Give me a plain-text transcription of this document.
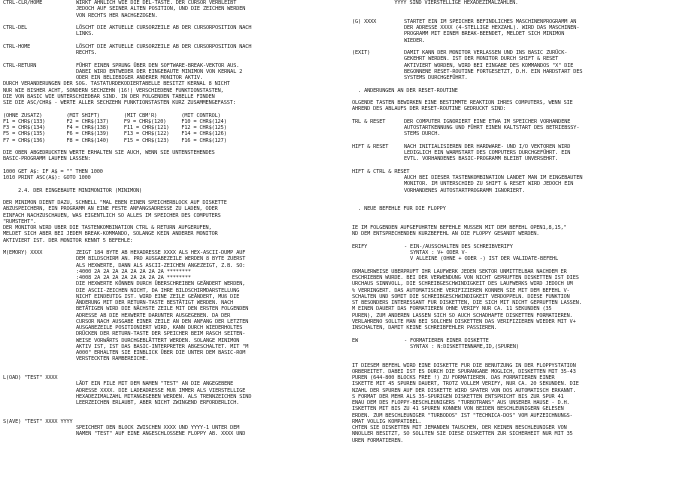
CTRL-CLR/HOME	WIRKT ÄHNLICH WIE DIE DEL-TASTE. DER CURSOR VERBLEIBT
JEDOCH AUF SEINER ALTEN POSITION, UND DIE ZEICHEN WERDEN
VON RECHTS HER NACHGEZOGEN.
CTRL-DEL	LÖSCHT DIE AKTUELLE CURSORZEILE AB DER CURSORPOSITION NACH
LINKS.
CTRL-HOME	LÖSCHT DIE AKTUELLE CURSORZEILE AB DER CURSORPOSITION NACH
RECHTS.
CTRL-RETURN	FÜHRT EINEN SPRUNG ÜBER DEN SOFTWARE-BREAK-VEKTOR AUS.
DABEI WIRD ENTWEDER DER EINGEBAUTE MINIMON VON KERNAL 2
ODER EIN BELIEBIGER ANDERER MONITOR AKTIV.
DURCH VERÄNDERUNGEN DER SOG. TASTATURDEKODIERTABELLE BESITZT KERNAL 8 NICHT
NUR WIE BISHER ACHT, SONDERN SECHZEHN (16!) VERSCHIEDENE FUNKTIONSTASTEN,
DIE VON BASIC WIE UNTERSCHIEDBAR SIND. IN DER FOLGENDEN TABELLE FINDEN
SIE DIE ASC/CHR$ - WERTE ALLER SECHZEHN FUNKTIONSTASTEN KURZ ZUSAMMENGEFASST:
(OHNE ZUSATZ)        (MIT SHIFT)        (MIT CBM'R)        (MIT CONTROL)
F1 = CHR$(133)       F2 = CHR$(137)     F9 = CHR$(120)     F10 = CHR$(124)
F3 = CHR$(134)       F4 = CHR$(138)     F11 = CHR$(121)    F12 = CHR$(125)
F5 = CHR$(135)       F6 = CHR$(139)     F13 = CHR$(122)    F14 = CHR$(126)
F7 = CHR$(136)       F8 = CHR$(140)     F15 = CHR$(123)    F16 = CHR$(127)
DIE OBEN ABGEDRUCKTEN WERTE ERHALTEN SIE AUCH, WENN SIE UNTENSTEHENDES
BASIC-PROGRAMM LAUFEN LASSEN:
1000 GET A$: IF A$ = "" THEN 1000
1010 PRINT ASC(A$): GOTO 1000
2.4. DER EINGEBAUTE MINIMONITOR (MINIMON)
DER MINIMON DIENT DAZU, SCHNELL "MAL EBEN EINEN SPEICHERBLOCK AUF DISKETTE
ABZUSPEICHERN, EIN PROGRAMM AN EINE FESTE ANFANGSADRESSE ZU LADEN, ODER
EINFACH NACHZUSCHAUEN, WAS EIGENTLICH SO ALLES IM SPEICHER DES COMPUTERS
"RUMSTEHT".
DER MONITOR WIRD ÜBER DIE TASTENKOMBINATION CTRL & RETURN AUFGERUFEN,
MELDET SICH ABER BEI JEDEM BREAK-KOMMANDO, SOLANGE KEIN ANDERER MONITOR
AKTIVIERT IST. DER MONITOR KENNT 5 BEFEHLE:
M(EMORY) XXXX	ZEIGT 184 BYTE AB HEXADRESSE XXXX ALS HEX-ASCII-DUMP AUF
DEM BILDSCHIRM AN. PRO AUSGABEZEILE WERDEN 8 BYTE ZUERST
ALS HEXWERTE, DANN ALS ASCII-ZEICHEN ANGEZEIGT, Z.B. SO:
:4000 2A 2A 2A 2A 2A 2A 2A 2A ********
:4008 2A 2A 2A 2A 2A 2A 2A 2A ********
DIE HEXWERTE KÖNNEN DURCH ÜBERSCHREIBEN GEÄNDERT WERDEN,
DIE ASCII-ZEICHEN NICHT, DA IHRE BILDSCHIRMDARSTELLUNG
NICHT EINDEUTIG IST. WIRD EINE ZEILE GEÄNDERT, MUß DIE
ÄNDERUNG MIT DER RETURN-TASTE BESTÄTIGT WERDEN. NACH
BETÄTIGEN WIRD DIE NÄCHSTE ZEILE MIT DEN ERSTEN FOLGENDEN
ADRESSE AB DIE HEXWERTE DARUNTER AUSGEGEBEN. DA DER
CURSOR NACH AUSGABE EINER ZEILE AN DEN ANFANG DER LETZTEN
AUSGABEZEILE POSITIONIERT WIRD, KANN DURCH WIEDERHOLTES
DRÜCKEN DER RETURN-TASTE DER SPEICHER BEIM RASCH SEITEN-
WEISE VORWÄRTS DURCHGEBLÄTTERT WERDEN. SOLANGE MINIMON
AKTIV IST, IST DAS BASIC-INTERPRETER ABGESCHALTET. MIT "M
A000" ERHALTEN SIE EINBLICK ÜBER DIE UNTER DEM BASIC-ROM
VERSTECKTEN RAMBEREICHE.
L(OAD) "TEST" XXXX
LÄDT EIN FILE MIT DEM NAMEN "TEST" AN DIE ANGEGEBENE
ADRESSE XXXX. DIE LADEADRESSE MUß IMMER ALS VIERSTELLIGE
HEXADEZIMALZAHL MITANGEGEBEN WERDEN. ALS TRENNZEICHEN SIND
LEERZEICHEN ERLAUBT, ABER NICHT ZWINGEND ERFORDERLICH.
S(AVE) "TEST" XXXX YYYY
SPEICHERT DEN BLOCK ZWISCHEN XXXX UND YYYY-1 UNTER DEM
NAMEN "TEST" AUF EINE ANGESCHLOSSENE FLOPPY AB. XXXX UND
YYYY SIND VIERSTELLIGE HEXADEZIMALZAHLEN.
(G) XXXX	STARTET EIN IM SPEICHER BEFINDLICHES MASCHINENPROGRAMM AN
DER ADRESSE XXXX (4-STELLIGE HEXZAHL). WIRD DAS MASCHINEN-
PROGRAMM MIT EINEM BREAK-BEENDET, MELDET SICH MINIMON
WIEDER.
(EXIT)	DAMIT KANN DER MONITOR VERLASSEN UND INS BASIC ZURÜCK-
GEKEHRT WERDEN. IST DER MONITOR DURCH SHIFT & RESET
AKTIVIERT WORDEN, WIRD BEI EINGABE DES KOMMANDOS "X" DIE
BEGONNENE RESET-ROUTINE FORTGESETZT, D.H. EIN HARDSTART DES
SYSTEMS DURCHGEFÜHRT.
. ÄNDERUNGEN AN DER RESET-ROUTINE
OLGENDE TASTEN BEWIRKEN EINE BESTIMMTE REAKTION IHRES COMPUTERS, WENN SIE
AHREND DES ABLAUFS DER RESET-ROUTINE GEDRÜCKT SIND:
TRL & RESET	DER COMPUTER IGNORIERT EINE ETWA IM SPEICHER VORHANDENE
AUTOSTARTKENNUNG UND FÜHRT EINEN KALTSTART DES BETRIEBSSY-
STEMS DURCH.
HIFT & RESET	NACH INITIALISIEREN DER HARDWARE- UND I/O VEKTOREN WIRD
LEDIGLICH EIN WARMSTART DES COMPUTERS DURCHGEFÜHRT. EIN
EVTL. VORHANDENES BASIC-PROGRAMM BLEIBT UNVERSEHRT.
HIFT & CTRL & RESET
AUCH BEI DIESER TASTENKOMBINATION LANDET MAN IM EINGEBAUTEN
MONITOR. IM UNTERSCHIED ZU SHIFT & RESET WIRD JEDOCH EIN
VORHANDENES AUTOSTARTPROGRAMM IGNORIERT.
. NEUE BEFEHLE FÜR DIE FLOPPY
IE IM FOLGENDEN AUFGEFÜHRTEN BEFEHLE MÜSSEN MIT DEM BEFEHL OPEN1,8,15,"
ND DEM ENTSPRECHENDEN KURZBEFEHL AN DIE FLOPPY GESANDT WERDEN.
ERIFY	- EIN-/AUSSCHALTEN DES SCHREIBVERIFY
SYNTAX : V+ ODER V-
V ALLEINE (OHNE + ODER -) IST DER VALIDATE-BEFEHL
ORMALERWEISE ÜBERPRÜFT IHR LAUFWERK JEDEN SEKTOR UNMITTELBAR NACHDEM ER
ESCHRIEBEN WURDE. BEI DER VERWENDUNG VON NICHT GEPRÜFTEN DISKETTEN IST DIES
URCHAUS SINNVOLL, DIE SCHREIBGESCHWINDIGKEIT DES LAUFWERKS WIRD JEDOCH UM
% VERRINGERT. DAS AUTOMATISCHE VERIFIZIEREN KÖNNEN SIE MIT DEM BEFEHL V-
SCHALTEN UND SOMIT DIE SCHREIBGESCHWINDIGKEIT VERDOPPELN. DIESE FUNKTION
ST BESONDERS INTERESSANT FÜR DISKETTEN, DIE SICH MIT NICHT GEPRÜFTEN LASSEN.
M EINEN DAUERT DAS FORMATIEREN OHNE VERIFY NUR CA. 11 SEKUNDEN (35
PUREN), ZUM ANDEREN LASSEN SICH SO AUCH SCHADHAFTE DISKETTEN FORMATIEREN.
VERLÄHRENO SOLLTE MAN BEI SOLCHEN DISKETTEN DAS VERIFIZIEREN WIEDER MIT V+
INSCHALTEN, DAMIT KEINE SCHREIBFEHLER PASSIEREN.
EW	- FORMATIEREN EINER DISKETTE
SYNTAX : N:DISKETTENNAME,ID,(SPUREN)
IT DIESEM BEFEHL WIRD EINE DISKETTE FÜR DIE BENUTZUNG IN DER FLOPPYSTATION
ORBEREITET. DABEI IST ES DURCH DIE SPURANGABE MÖGLICH, DISKETTEN MIT 35-43
PUREN (644-800 BLOCKS FREE !) ZU FORMATIEREN. DAS FORMATIEREN EINER
ISKETTE MIT 45 SPUREN DAUERT, TROTZ VOLLEM VERIFY, NUR CA. 20 SEKUNDEN. DIE
NZAHL DER SPUREN AUF DER DISKETTE WIRD SPÄTER VON DOS AUTOMATISCH ERKANNT.
S FORMAT DER MEHR ALS 35-SPURIGEN DISKETTEN ENTSPRICHT BIS ZUR SPUR 41
ENAU DEM DES FLOPPY-BESCHLEUNIGERS "TURBOTRANS" AUS UNSERER HAUSE - D.H.
ISKETTEN MIT BIS ZU 41 SPUREN KÖNNEN VON BEIDEN BESCHLEUNIGERN GELESEN
ERDEN. ZUM BESCHLEUNIGER "TURBODOS" IST "TECHNICA-DOS" VOM AUFZEICHNUNGS-
RMAT VÖLLIG KOMPATIBEL.
CHTEN SIE DISKETTEN MIT JEMANDEN TAUSCHEN, DER KEINEN BESCHLEUNIGER VON
NNOLLER BESITZT, SO SOLLTEN SIE DIESE DISKETTEN ZUR SICHERHEIT NUR MIT 35
UREN FORMATIEREN.
